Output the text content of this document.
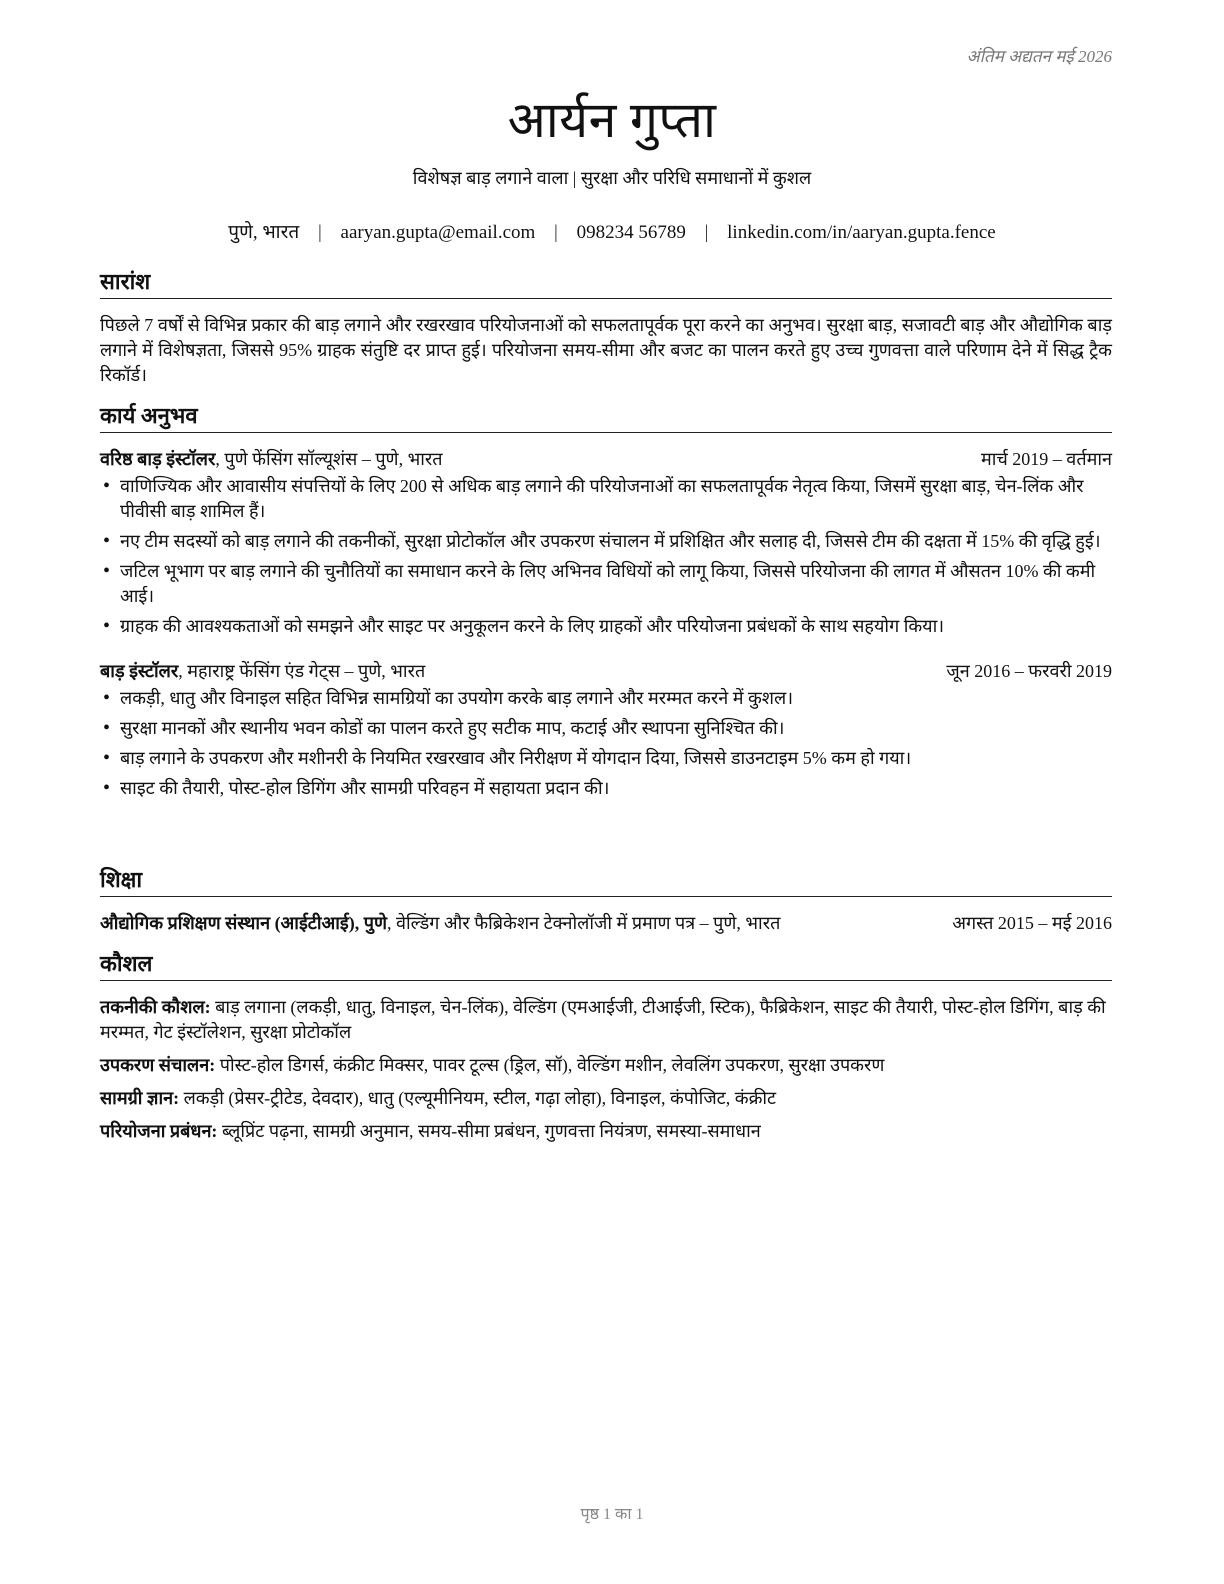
अंतिम अद्यतन मई 2026
आर्यन गुप्ता
विशेषज्ञ बाड़ लगाने वाला | सुरक्षा और परिधि समाधानों में कुशल
पुणे, भारत | aaryan.gupta@email.com | 098234 56789 | linkedin.com/in/aaryan.gupta.fence
सारांश

पिछले 7 वर्षों से विभिन्न प्रकार की बाड़ लगाने और रखरखाव परियोजनाओं को सफलतापूर्वक पूरा करने का अनुभव। सुरक्षा बाड़, सजावटी बाड़ और औद्योगिक बाड़ लगाने में विशेषज्ञता, जिससे 95% ग्राहक संतुष्टि दर प्राप्त हुई। परियोजना समय-सीमा और बजट का पालन करते हुए उच्च गुणवत्ता वाले परिणाम देने में सिद्ध ट्रैक रिकॉर्ड।

कार्य अनुभव
वरिष्ठ बाड़ इंस्टॉलर, पुणे फेंसिंग सॉल्यूशंस – पुणे, भारत	मार्च 2019 – वर्तमान
• वाणिज्यिक और आवासीय संपत्तियों के लिए 200 से अधिक बाड़ लगाने की परियोजनाओं का सफलतापूर्वक नेतृत्व किया, जिसमें सुरक्षा बाड़, चेन-लिंक और पीवीसी बाड़ शामिल हैं।
• नए टीम सदस्यों को बाड़ लगाने की तकनीकों, सुरक्षा प्रोटोकॉल और उपकरण संचालन में प्रशिक्षित और सलाह दी, जिससे टीम की दक्षता में 15% की वृद्धि हुई।
• जटिल भूभाग पर बाड़ लगाने की चुनौतियों का समाधान करने के लिए अभिनव विधियों को लागू किया, जिससे परियोजना की लागत में औसतन 10% की कमी आई।
• ग्राहक की आवश्यकताओं को समझने और साइट पर अनुकूलन करने के लिए ग्राहकों और परियोजना प्रबंधकों के साथ सहयोग किया।
बाड़ इंस्टॉलर, महाराष्ट्र फेंसिंग एंड गेट्स – पुणे, भारत	जून 2016 – फरवरी 2019
• लकड़ी, धातु और विनाइल सहित विभिन्न सामग्रियों का उपयोग करके बाड़ लगाने और मरम्मत करने में कुशल।
• सुरक्षा मानकों और स्थानीय भवन कोडों का पालन करते हुए सटीक माप, कटाई और स्थापना सुनिश्चित की।
• बाड़ लगाने के उपकरण और मशीनरी के नियमित रखरखाव और निरीक्षण में योगदान दिया, जिससे डाउनटाइम 5% कम हो गया।
• साइट की तैयारी, पोस्ट-होल डिगिंग और सामग्री परिवहन में सहायता प्रदान की।
शिक्षा
औद्योगिक प्रशिक्षण संस्थान (आईटीआई), पुणे, वेल्डिंग और फैब्रिकेशन टेक्नोलॉजी में प्रमाण पत्र – पुणे, भारत	अगस्त 2015 – मई 2016
कौशल
तकनीकी कौशल: बाड़ लगाना (लकड़ी, धातु, विनाइल, चेन-लिंक), वेल्डिंग (एमआईजी, टीआईजी, स्टिक), फैब्रिकेशन, साइट की तैयारी, पोस्ट-होल डिगिंग, बाड़ की मरम्मत, गेट इंस्टॉलेशन, सुरक्षा प्रोटोकॉल
उपकरण संचालन: पोस्ट-होल डिगर्स, कंक्रीट मिक्सर, पावर टूल्स (ड्रिल, सॉ), वेल्डिंग मशीन, लेवलिंग उपकरण, सुरक्षा उपकरण
सामग्री ज्ञान: लकड़ी (प्रेसर-ट्रीटेड, देवदार), धातु (एल्यूमीनियम, स्टील, गढ़ा लोहा), विनाइल, कंपोजिट, कंक्रीट
परियोजना प्रबंधन: ब्लूप्रिंट पढ़ना, सामग्री अनुमान, समय-सीमा प्रबंधन, गुणवत्ता नियंत्रण, समस्या-समाधान
पृष्ठ 1 का 1
